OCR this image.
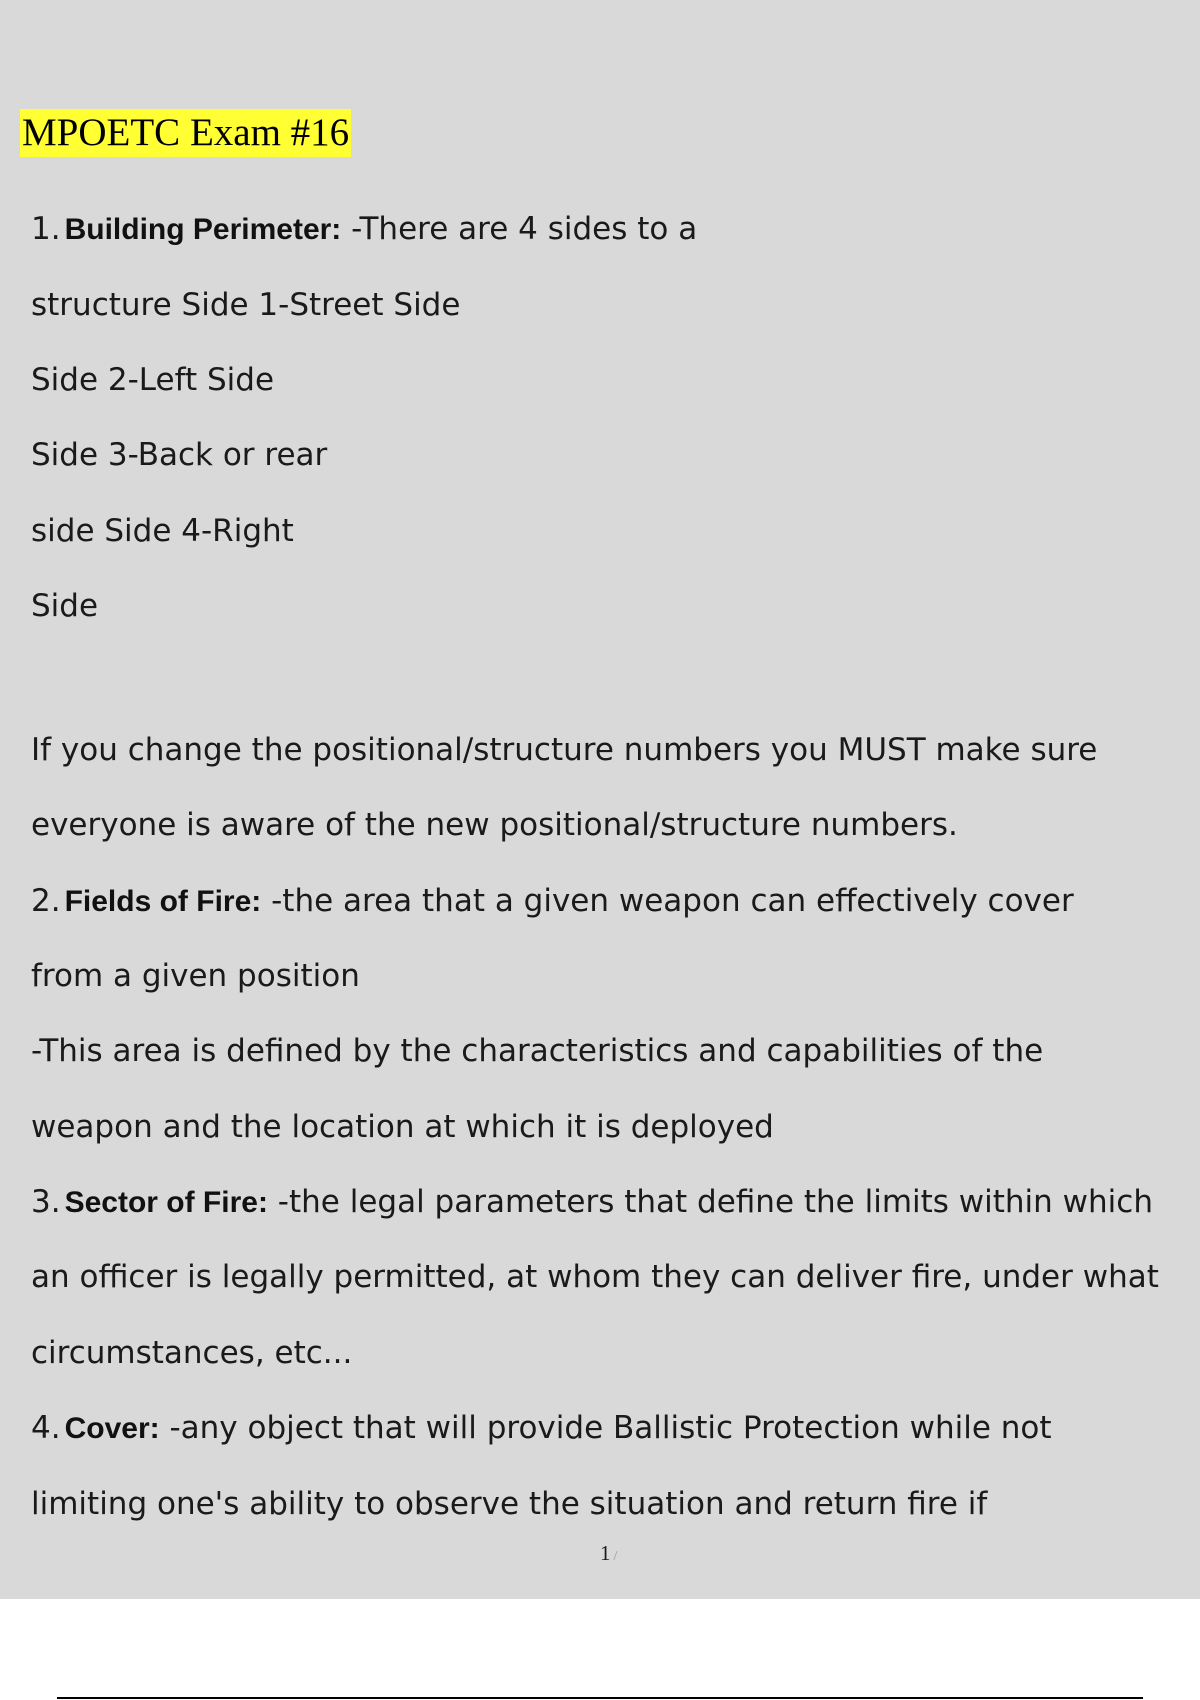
MPOETC Exam #16

1. Building Perimeter: -There are 4 sides to a

structure Side 1-Street Side

Side 2-Left Side

Side 3-Back or rear

side Side 4-Right

Side

If you change the positional/structure numbers you MUST make sure

everyone is aware of the new positional/structure numbers.

2. Fields of Fire: -the area that a given weapon can effectively cover

from a given position

-This area is defined by the characteristics and capabilities of the

weapon and the location at which it is deployed

3. Sector of Fire: -the legal parameters that define the limits within which

an officer is legally permitted, at whom they can deliver fire, under what

circumstances, etc...

4. Cover: -any object that will provide Ballistic Protection while not

limiting one's ability to observe the situation and return fire if

1 /
